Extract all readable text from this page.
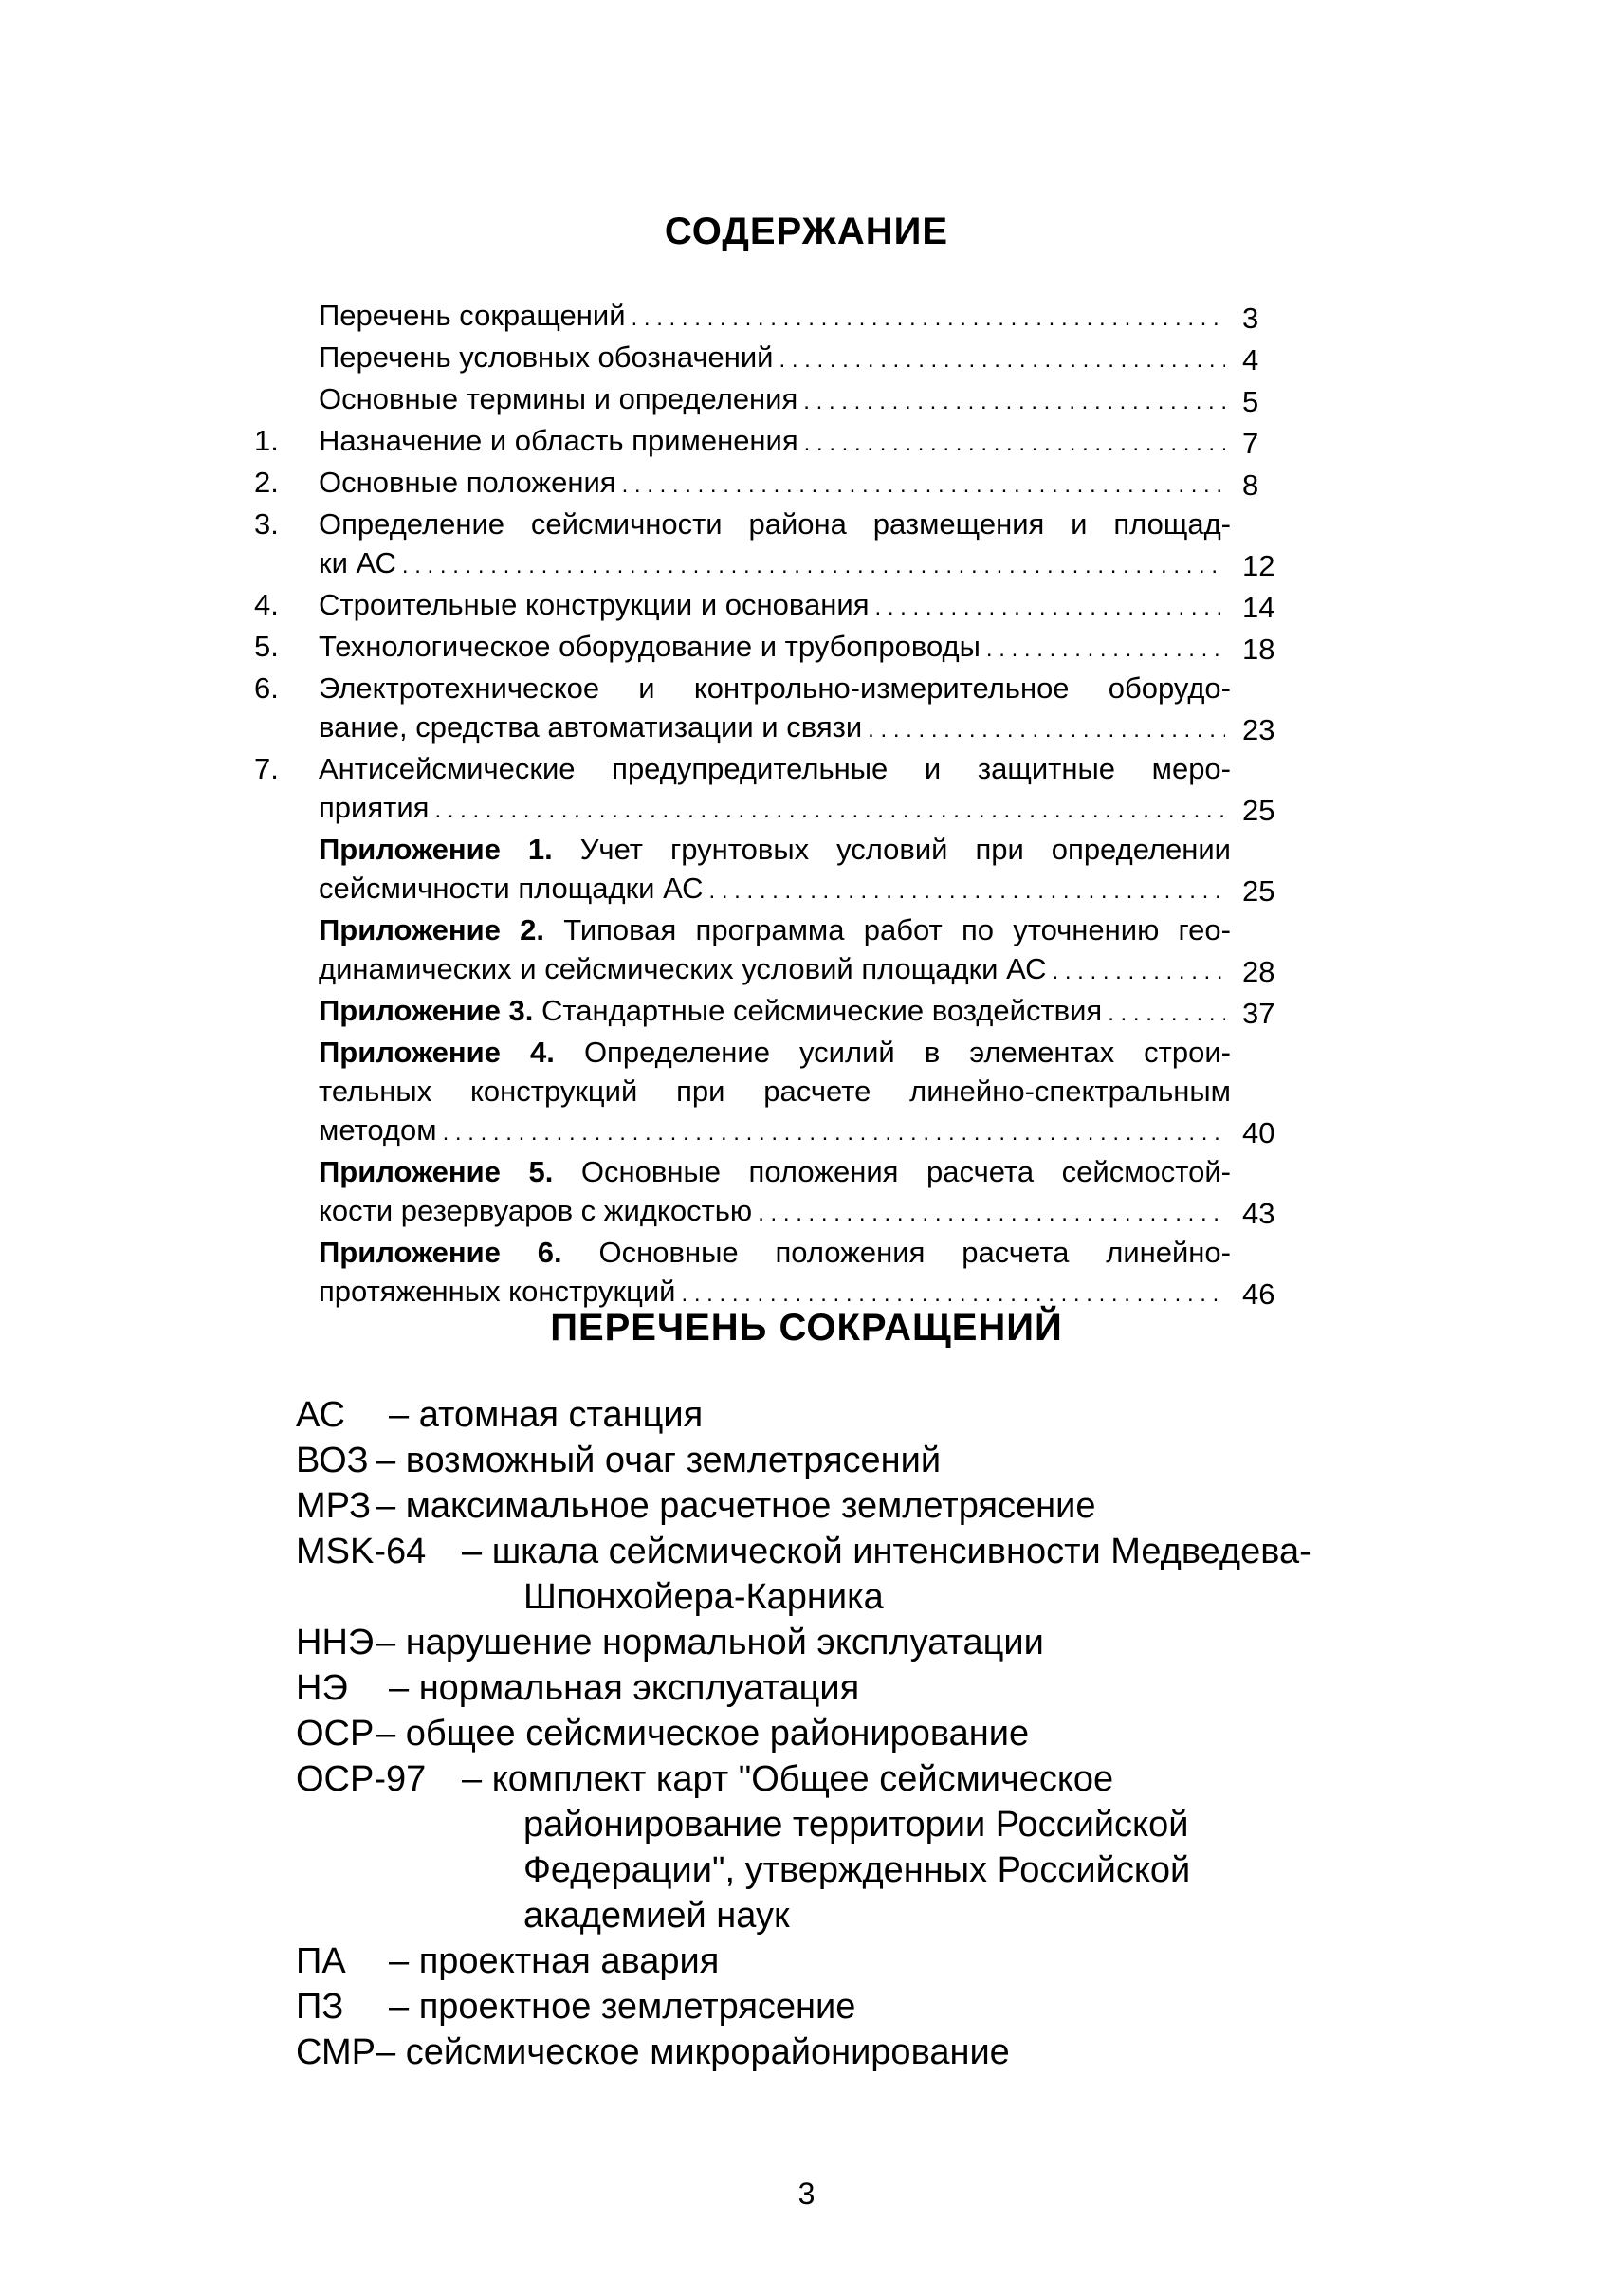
СОДЕРЖАНИЕ
Перечень сокращений . . .	3
Перечень условных обозначений . . .	4
Основные термины и определения . . .	5
1. Назначение и область применения . . .	7
2. Основные положения . . .	8
3. Определение сейсмичности района размещения и площад-
ки АС . . .	12
4. Строительные конструкции и основания . . .	14
5. Технологическое оборудование и трубопроводы . . .	18
6. Электротехническое и контрольно-измерительное оборудо-
вание, средства автоматизации и связи . . .	23
7. Антисейсмические предупредительные и защитные меро-
приятия . . .	25
Приложение 1. Учет грунтовых условий при определении
сейсмичности площадки АС . . .	25
Приложение 2. Типовая программа работ по уточнению гео-
динамических и сейсмических условий площадки АС . . .	28
Приложение 3. Стандартные сейсмические воздействия . . .	37
Приложение 4. Определение усилий в элементах строи-
тельных конструкций при расчете линейно-спектральным
методом . . .	40
Приложение 5. Основные положения расчета сейсмостой-
кости резервуаров с жидкостью . . .	43
Приложение 6. Основные положения расчета линейно-
протяженных конструкций . . .	46
ПЕРЕЧЕНЬ СОКРАЩЕНИЙ
АС	– атомная станция
ВОЗ – возможный очаг землетрясений
МРЗ – максимальное расчетное землетрясение
MSK-64 – шкала сейсмической интенсивности Медведева-
Шпонхойера-Карника
ННЭ – нарушение нормальной эксплуатации
НЭ	– нормальная эксплуатация
ОСР – общее сейсмическое районирование
ОСР-97 – комплект карт "Общее сейсмическое
районирование территории Российской
Федерации", утвержденных Российской
академией наук
ПА	– проектная авария
ПЗ	– проектное землетрясение
СМР – сейсмическое микрорайонирование
3
